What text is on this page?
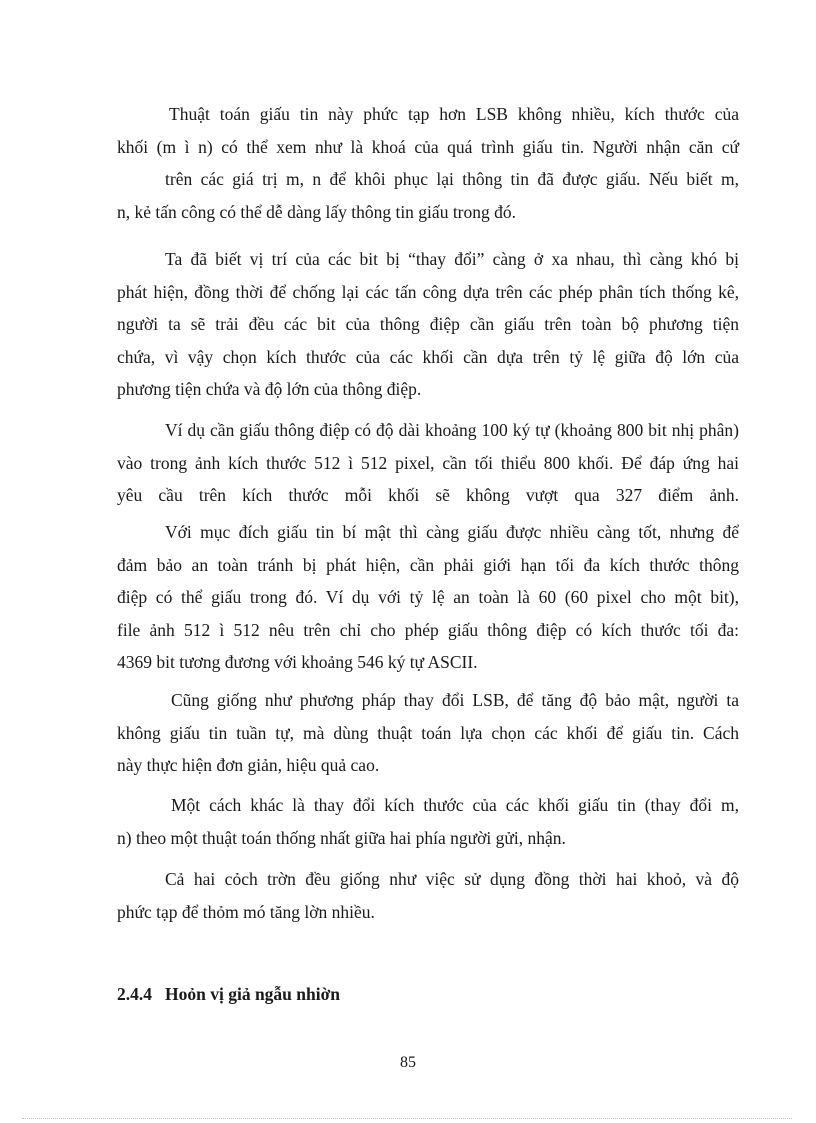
Thuật toán giấu tin này phức tạp hơn LSB không nhiều, kích thước của
khối (m ì n) có thể xem như là khoá của quá trình giấu tin. Người nhận căn cứ
trên các giá trị m, n để khôi phục lại thông tin đã được giấu. Nếu biết m,
n, kẻ tấn công có thể dễ dàng lấy thông tin giấu trong đó.
Ta đã biết vị trí của các bit bị “thay đổi” càng ở xa nhau, thì càng khó bị
phát hiện, đồng thời để chống lại các tấn công dựa trên các phép phân tích thống kê,
người ta sẽ trải đều các bit của thông điệp cần giấu trên toàn bộ phương tiện
chứa, vì vậy chọn kích thước của các khối cần dựa trên tỷ lệ giữa độ lớn của
phương tiện chứa và độ lớn của thông điệp.
Ví dụ cần giấu thông điệp có độ dài khoảng 100 ký tự (khoảng 800 bit nhị phân)
vào trong ảnh kích thước 512 ì 512 pixel, cần tối thiểu 800 khối. Để đáp ứng hai
yêu cầu trên kích thước mỗi khối sẽ không vượt qua 327 điểm ảnh.
Với mục đích giấu tin bí mật thì càng giấu được nhiều càng tốt, nhưng để
đảm bảo an toàn tránh bị phát hiện, cần phải giới hạn tối đa kích thước thông
điệp có thể giấu trong đó. Ví dụ với tỷ lệ an toàn là 60 (60 pixel cho một bit),
file ảnh 512 ì 512 nêu trên chỉ cho phép giấu thông điệp có kích thước tối đa:
4369 bit tương đương với khoảng 546 ký tự ASCII.
Cũng giống như phương pháp thay đổi LSB, để tăng độ bảo mật, người ta
không giấu tin tuần tự, mà dùng thuật toán lựa chọn các khối để giấu tin. Cách
này thực hiện đơn giản, hiệu quả cao.
Một cách khác là thay đổi kích thước của các khối giấu tin (thay đổi m,
n) theo một thuật toán thống nhất giữa hai phía người gửi, nhận.
Cả hai cỏch trờn đều giống như việc sử dụng đồng thời hai khoỏ, và độ
phức tạp để thỏm mó tăng lờn nhiều.
2.4.4 Hoỏn vị giả ngẫu nhiờn
85
